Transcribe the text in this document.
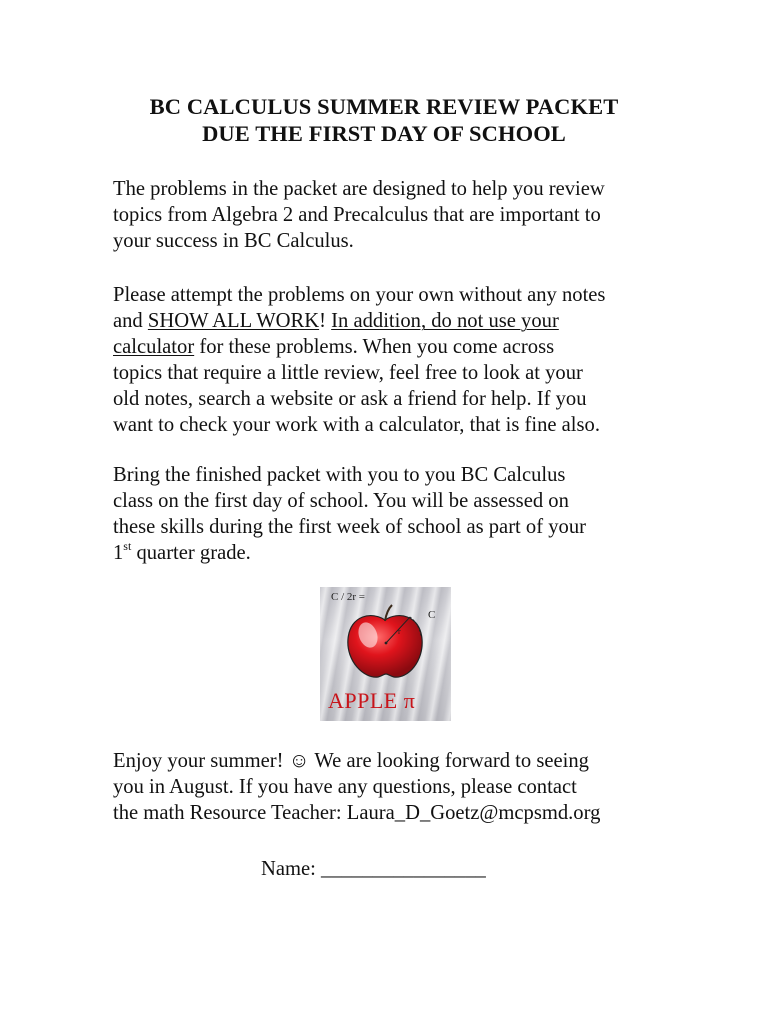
BC CALCULUS SUMMER REVIEW PACKET
DUE THE FIRST DAY OF SCHOOL
The problems in the packet are designed to help you review
topics from Algebra 2 and Precalculus that are important to
your success in BC Calculus.
Please attempt the problems on your own without any notes
and SHOW ALL WORK! In addition, do not use your
calculator for these problems. When you come across
topics that require a little review, feel free to look at your
old notes, search a website or ask a friend for help. If you
want to check your work with a calculator, that is fine also.
Bring the finished packet with you to you BC Calculus
class on the first day of school. You will be assessed on
these skills during the first week of school as part of your
1st quarter grade.
C / 2r =
C
r
APPLE π
Enjoy your summer! ☺ We are looking forward to seeing
you in August. If you have any questions, please contact
the math Resource Teacher: Laura_D_Goetz@mcpsmd.org
Name: ________________
